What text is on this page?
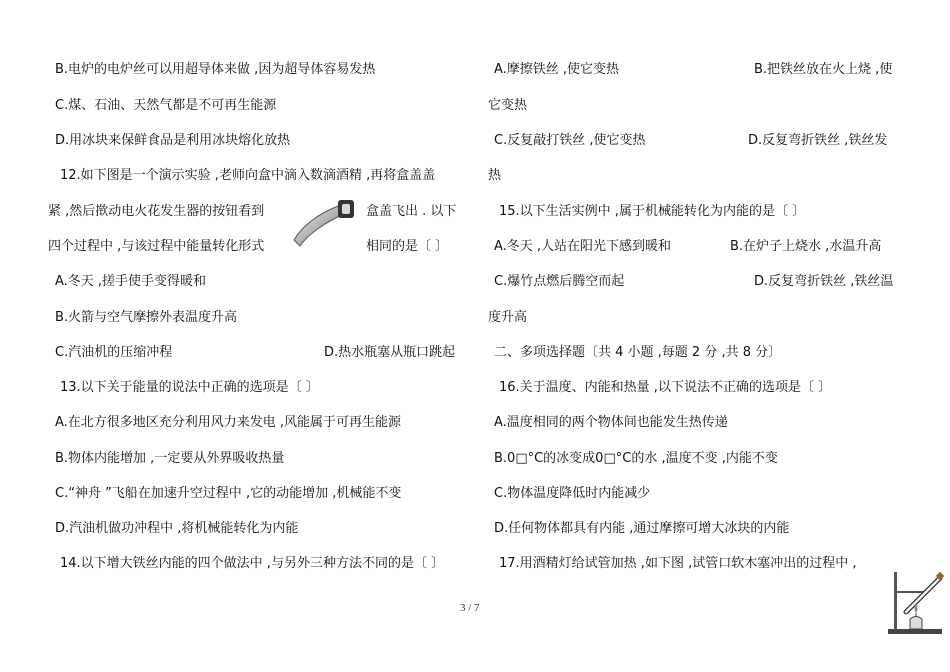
B.电炉的电炉丝可以用超导体来做 ,因为超导体容易发热
C.煤、石油、天然气都是不可再生能源
D.用冰块来保鲜食品是利用冰块熔化放热
12.如下图是一个演示实验 ,老师向盒中滴入数滴酒精 ,再将盒盖盖
紧 ,然后揿动电火花发生器的按钮看到	盒盖飞出 . 以下
四个过程中 ,与该过程中能量转化形式	相同的是〔 〕
A.冬天 ,搓手使手变得暖和
B.火箭与空气摩擦外表温度升高
C.汽油机的压缩冲程	D.热水瓶塞从瓶口跳起
13.以下关于能量的说法中正确的选项是〔 〕
A.在北方很多地区充分利用风力来发电 ,风能属于可再生能源
B.物体内能增加 ,一定要从外界吸收热量
C.“神舟 ”飞船在加速升空过程中 ,它的动能增加 ,机械能不变
D.汽油机做功冲程中 ,将机械能转化为内能
14.以下增大铁丝内能的四个做法中 ,与另外三种方法不同的是〔 〕
A.摩擦铁丝 ,使它变热	B.把铁丝放在火上烧 ,使
它变热
C.反复敲打铁丝 ,使它变热	D.反复弯折铁丝 ,铁丝发
热
15.以下生活实例中 ,属于机械能转化为内能的是〔 〕
A.冬天 ,人站在阳光下感到暖和	B.在炉子上烧水 ,水温升高
C.爆竹点燃后腾空而起	D.反复弯折铁丝 ,铁丝温
度升高
二、多项选择题〔共 4 小题 ,每题 2 分 ,共 8 分〕
16.关于温度、内能和热量 ,以下说法不正确的选项是〔 〕
A.温度相同的两个物体间也能发生热传递
B.0□°C的冰变成0□°C的水 ,温度不变 ,内能不变
C.物体温度降低时内能减少
D.任何物体都具有内能 ,通过摩擦可增大冰块的内能
17.用酒精灯给试管加热 ,如下图 ,试管口软木塞冲出的过程中 ,
3 / 7
